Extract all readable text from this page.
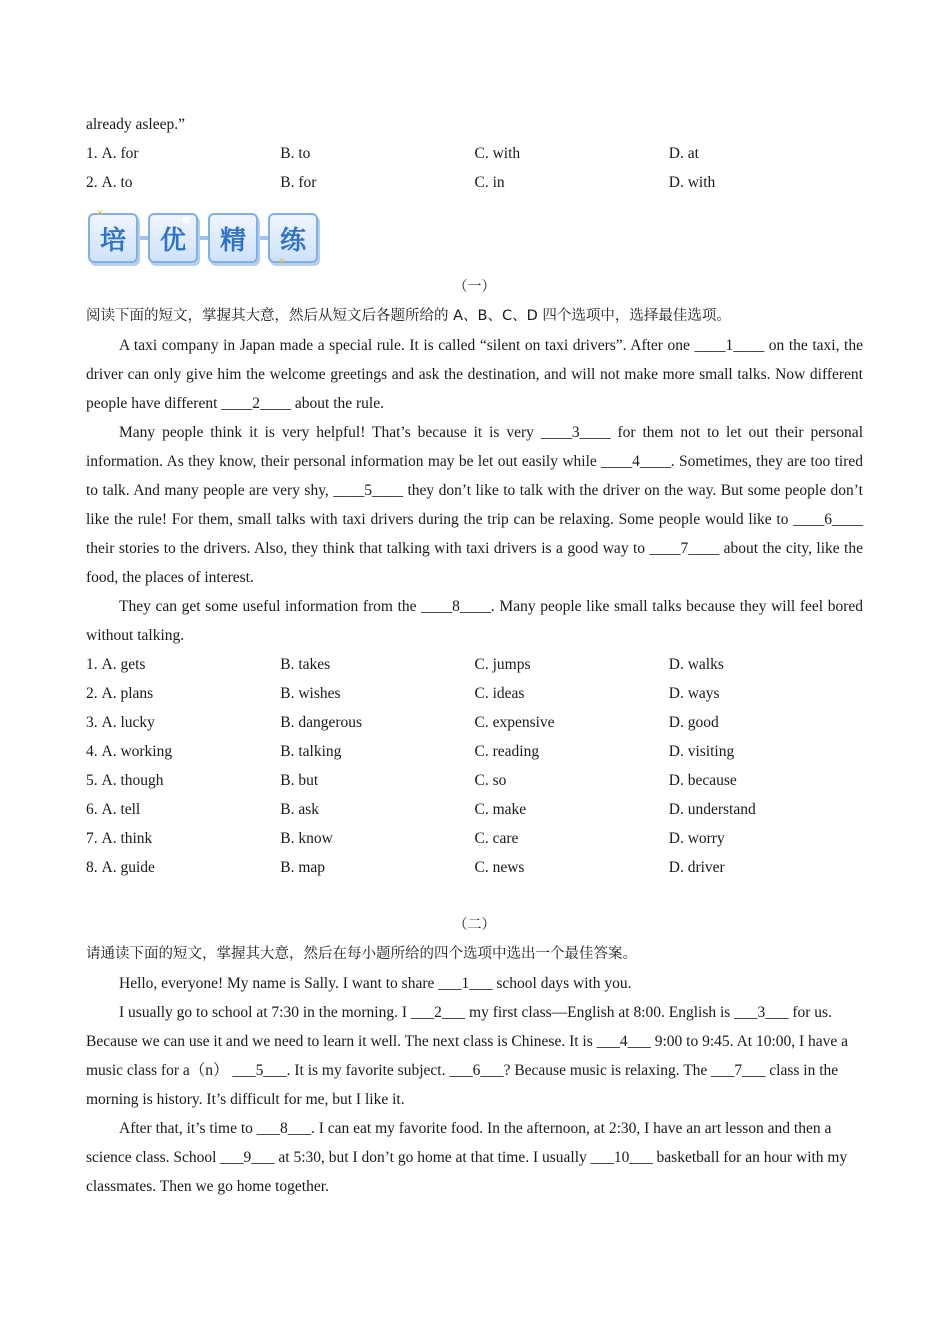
already asleep.”
1. A. for	B. to	C. with	D. at
2. A. to	B. for	C. in	D. with
✕
培
●
优 精
✕
练
（一）
阅读下面的短文，掌握其大意，然后从短文后各题所给的 A、B、C、D 四个选项中，选择最佳选项。
A taxi company in Japan made a special rule. It is called “silent on taxi drivers”. After one ____1____ on the taxi, the driver can only give him the welcome greetings and ask the destination, and will not make more small talks. Now different people have different ____2____ about the rule.
Many people think it is very helpful! That’s because it is very ____3____ for them not to let out their personal information. As they know, their personal information may be let out easily while ____4____. Sometimes, they are too tired to talk. And many people are very shy, ____5____ they don’t like to talk with the driver on the way. But some people don’t like the rule! For them, small talks with taxi drivers during the trip can be relaxing. Some people would like to ____6____ their stories to the drivers. Also, they think that talking with taxi drivers is a good way to ____7____ about the city, like the food, the places of interest.
They can get some useful information from the ____8____. Many people like small talks because they will feel bored without talking.
1. A. gets	B. takes	C. jumps	D. walks
2. A. plans	B. wishes	C. ideas	D. ways
3. A. lucky	B. dangerous	C. expensive	D. good
4. A. working	B. talking	C. reading	D. visiting
5. A. though	B. but	C. so	D. because
6. A. tell	B. ask	C. make	D. understand
7. A. think	B. know	C. care	D. worry
8. A. guide	B. map	C. news	D. driver
（二）
请通读下面的短文，掌握其大意，然后在每小题所给的四个选项中选出一个最佳答案。
Hello, everyone! My name is Sally. I want to share ___1___ school days with you.
I usually go to school at 7:30 in the morning. I ___2___ my first class—English at 8:00. English is ___3___ for us. Because we can use it and we need to learn it well. The next class is Chinese. It is ___4___ 9:00 to 9:45. At 10:00, I have a music class for a（n） ___5___. It is my favorite subject. ___6___? Because music is relaxing. The ___7___ class in the morning is history. It’s difficult for me, but I like it.
After that, it’s time to ___8___. I can eat my favorite food. In the afternoon, at 2:30, I have an art lesson and then a science class. School ___9___ at 5:30, but I don’t go home at that time. I usually ___10___ basketball for an hour with my classmates. Then we go home together.
